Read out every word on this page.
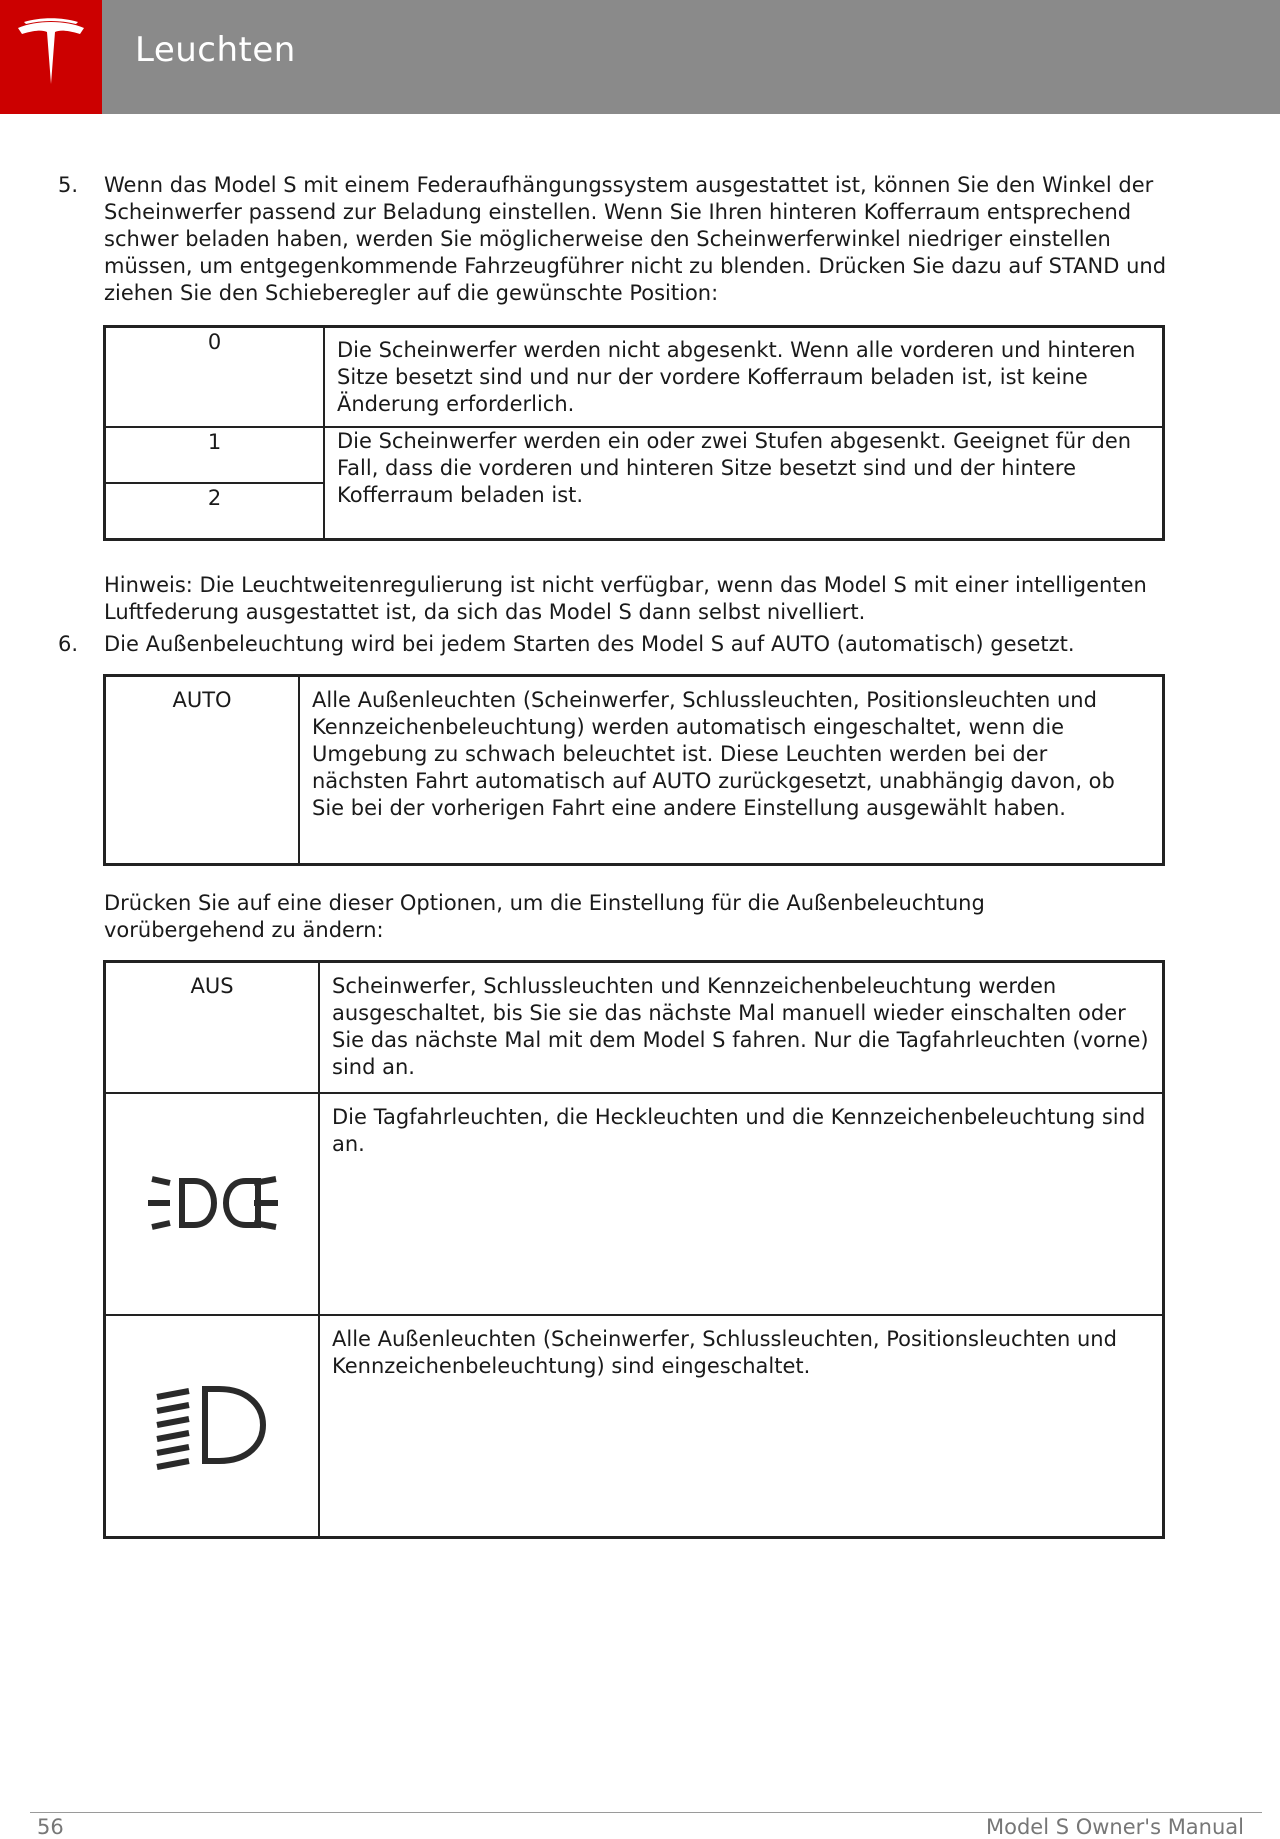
Leuchten
5. Wenn das Model S mit einem Federaufhängungssystem ausgestattet ist, können Sie den Winkel der Scheinwerfer passend zur Beladung einstellen. Wenn Sie Ihren hinteren Kofferraum entsprechend schwer beladen haben, werden Sie möglicherweise den Scheinwerferwinkel niedriger einstellen müssen, um entgegenkommende Fahrzeugführer nicht zu blenden. Drücken Sie dazu auf STAND und ziehen Sie den Schieberegler auf die gewünschte Position:
0	Die Scheinwerfer werden nicht abgesenkt. Wenn alle vorderen und hinteren Sitze besetzt sind und nur der vordere Kofferraum beladen ist, ist keine Änderung erforderlich.
1	Die Scheinwerfer werden ein oder zwei Stufen abgesenkt. Geeignet für den Fall, dass die vorderen und hinteren Sitze besetzt sind und der hintere Kofferraum beladen ist.
2	
Hinweis: Die Leuchtweitenregulierung ist nicht verfügbar, wenn das Model S mit einer intelligenten Luftfederung ausgestattet ist, da sich das Model S dann selbst nivelliert.
6. Die Außenbeleuchtung wird bei jedem Starten des Model S auf AUTO (automatisch) gesetzt.
AUTO	Alle Außenleuchten (Scheinwerfer, Schlussleuchten, Positionsleuchten und Kennzeichenbeleuchtung) werden automatisch eingeschaltet, wenn die Umgebung zu schwach beleuchtet ist. Diese Leuchten werden bei der nächsten Fahrt automatisch auf AUTO zurückgesetzt, unabhängig davon, ob Sie bei der vorherigen Fahrt eine andere Einstellung ausgewählt haben.
Drücken Sie auf eine dieser Optionen, um die Einstellung für die Außenbeleuchtung vorübergehend zu ändern:
AUS	Scheinwerfer, Schlussleuchten und Kennzeichenbeleuchtung werden ausgeschaltet, bis Sie sie das nächste Mal manuell wieder einschalten oder Sie das nächste Mal mit dem Model S fahren. Nur die Tagfahrleuchten (vorne) sind an.
	Die Tagfahrleuchten, die Heckleuchten und die Kennzeichenbeleuchtung sind an.
	Alle Außenleuchten (Scheinwerfer, Schlussleuchten, Positionsleuchten und Kennzeichenbeleuchtung) sind eingeschaltet.
56	Model S Owner's Manual
